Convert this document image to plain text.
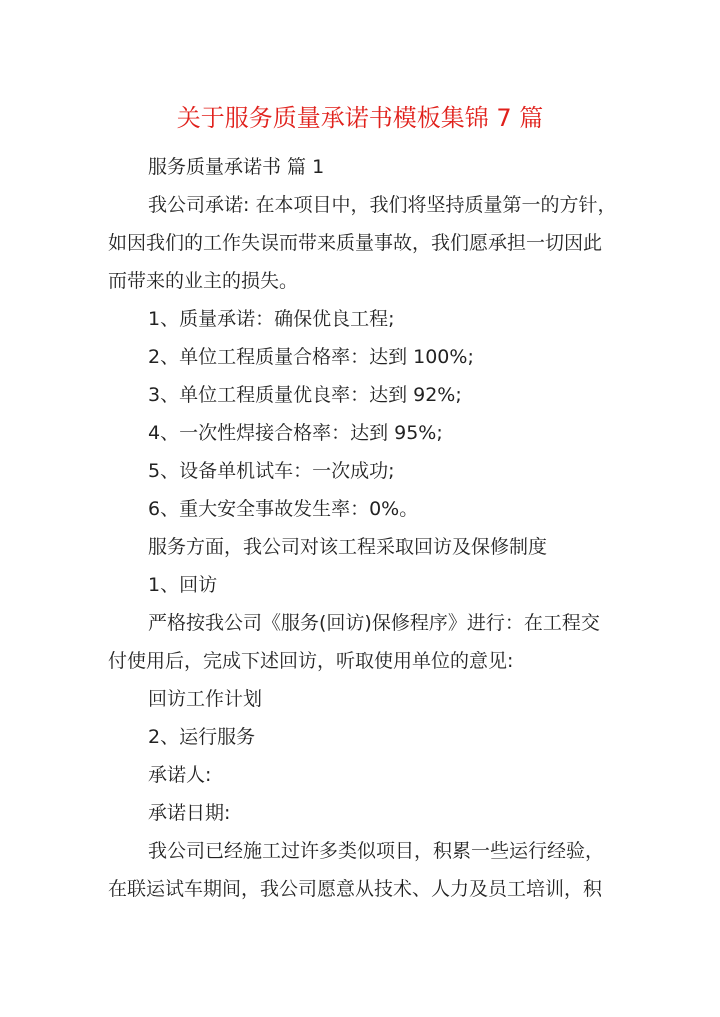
关于服务质量承诺书模板集锦 7 篇

服务质量承诺书 篇 1

我公司承诺: 在本项目中，我们将坚持质量第一的方针，

如因我们的工作失误而带来质量事故，我们愿承担一切因此

而带来的业主的损失。

1、质量承诺：确保优良工程;

2、单位工程质量合格率：达到 100%;

3、单位工程质量优良率：达到 92%;

4、一次性焊接合格率：达到 95%;

5、设备单机试车：一次成功;

6、重大安全事故发生率：0%。

服务方面，我公司对该工程采取回访及保修制度

1、回访

严格按我公司《服务(回访)保修程序》进行：在工程交

付使用后，完成下述回访，听取使用单位的意见:

回访工作计划

2、运行服务

承诺人:

承诺日期:

我公司已经施工过许多类似项目，积累一些运行经验，

在联运试车期间，我公司愿意从技术、人力及员工培训，积
